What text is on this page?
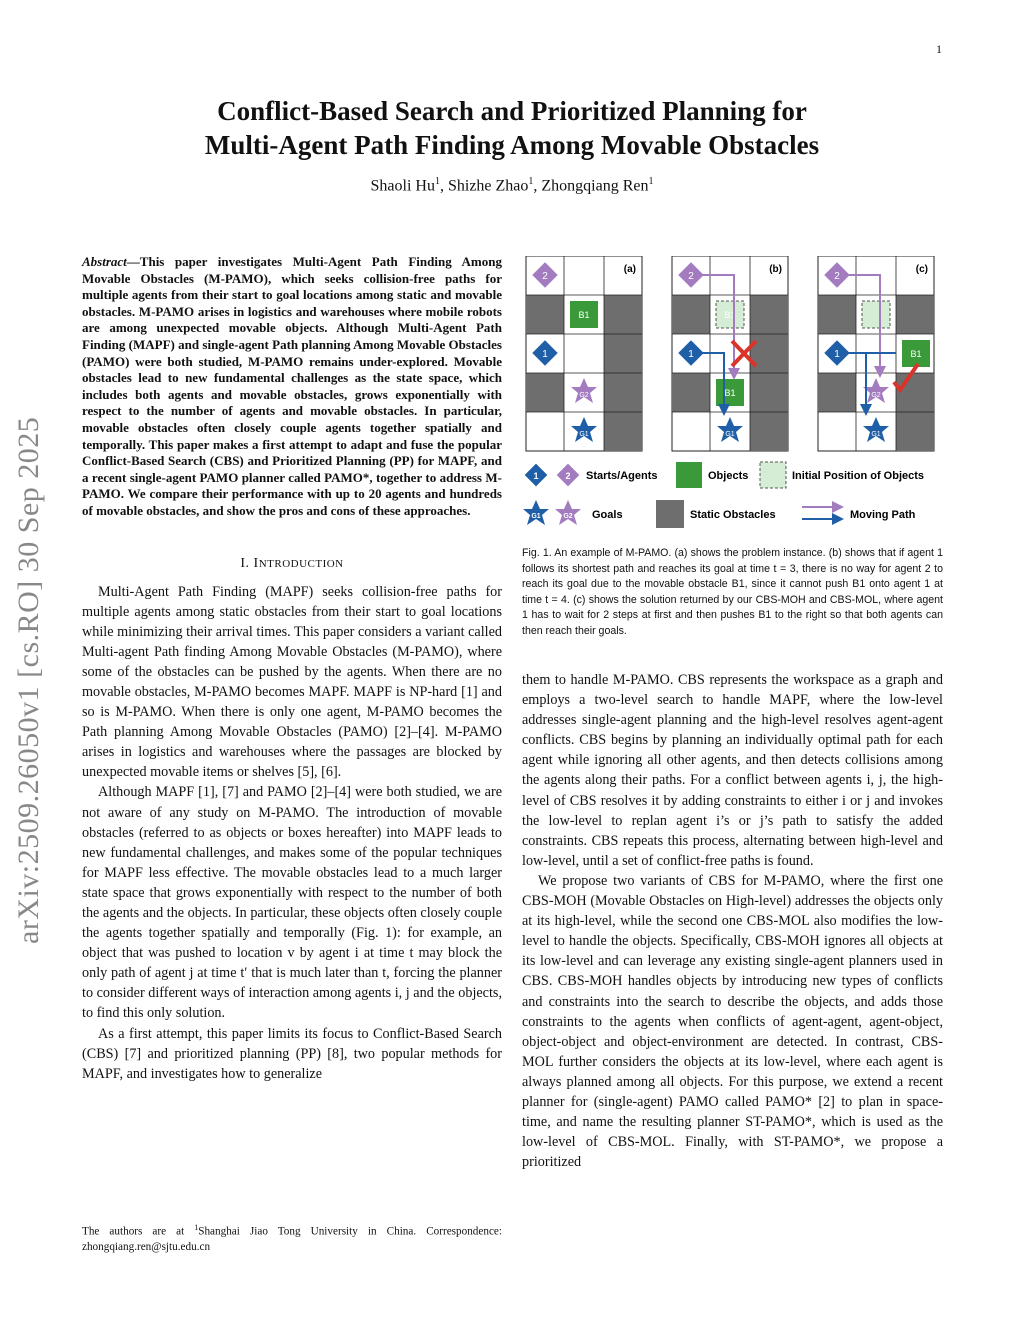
1
arXiv:2509.26050v1 [cs.RO] 30 Sep 2025
Conflict-Based Search and Prioritized Planning for
Multi-Agent Path Finding Among Movable Obstacles
Shaoli Hu$^1$, Shizhe Zhao$^1$, Zhongqiang Ren$^1$

Abstract—This paper investigates Multi-Agent Path Finding Among Movable Obstacles (M-PAMO), which seeks collision-free paths for multiple agents from their start to goal locations among static and movable obstacles. M-PAMO arises in logistics and warehouses where mobile robots are among unexpected movable objects. Although Multi-Agent Path Finding (MAPF) and single-agent Path planning Among Movable Obstacles (PAMO) were both studied, M-PAMO remains under-explored. Movable obstacles lead to new fundamental challenges as the state space, which includes both agents and movable obstacles, grows exponentially with respect to the number of agents and movable obstacles. In particular, movable obstacles often closely couple agents together spatially and temporally. This paper makes a first attempt to adapt and fuse the popular Conflict-Based Search (CBS) and Prioritized Planning (PP) for MAPF, and a recent single-agent PAMO planner called PAMO*, together to address M-PAMO. We compare their performance with up to 20 agents and hundreds of movable obstacles, and show the pros and cons of these approaches.

I. INTRODUCTION

Multi-Agent Path Finding (MAPF) seeks collision-free paths for multiple agents among static obstacles from their start to goal locations while minimizing their arrival times. This paper considers a variant called Multi-agent Path finding Among Movable Obstacles (M-PAMO), where some of the obstacles can be pushed by the agents. When there are no movable obstacles, M-PAMO becomes MAPF. MAPF is NP-hard [1] and so is M-PAMO. When there is only one agent, M-PAMO becomes the Path planning Among Movable Obstacles (PAMO) [2]–[4]. M-PAMO arises in logistics and warehouses where the passages are blocked by unexpected movable items or shelves [5], [6].

Although MAPF [1], [7] and PAMO [2]–[4] were both studied, we are not aware of any study on M-PAMO. The introduction of movable obstacles (referred to as objects or boxes hereafter) into MAPF leads to new fundamental challenges, and makes some of the popular techniques for MAPF less effective. The movable obstacles lead to a much larger state space that grows exponentially with respect to the number of both the agents and the objects. In particular, these objects often closely couple the agents together spatially and temporally (Fig. 1): for example, an object that was pushed to location v by agent i at time t may block the only path of agent j at time t′ that is much later than t, forcing the planner to consider different ways of interaction among agents i, j and the objects, to find this only solution.

As a first attempt, this paper limits its focus to Conflict-Based Search (CBS) [7] and prioritized planning (PP) [8], two popular methods for MAPF, and investigates how to generalize

The authors are at $^1$Shanghai Jiao Tong University in China. Correspondence: zhongqiang.ren@sjtu.edu.cn
B1
2
1
G2
G1
(a)
B1
B1
2
1
G1
(b)
B1
2
1
G2
G1
(c)
1	2 Starts/Agents	Objects	Initial Position of Objects
G1	G2 Goals	Static Obstacles	Moving Path
Fig. 1. An example of M-PAMO. (a) shows the problem instance. (b) shows that if agent 1 follows its shortest path and reaches its goal at time t = 3, there is no way for agent 2 to reach its goal due to the movable obstacle B1, since it cannot push B1 onto agent 1 at time t = 4. (c) shows the solution returned by our CBS-MOH and CBS-MOL, where agent 1 has to wait for 2 steps at first and then pushes B1 to the right so that both agents can then reach their goals.

them to handle M-PAMO. CBS represents the workspace as a graph and employs a two-level search to handle MAPF, where the low-level addresses single-agent planning and the high-level resolves agent-agent conflicts. CBS begins by planning an individually optimal path for each agent while ignoring all other agents, and then detects collisions among the agents along their paths. For a conflict between agents i, j, the high-level of CBS resolves it by adding constraints to either i or j and invokes the low-level to replan agent i’s or j’s path to satisfy the added constraints. CBS repeats this process, alternating between high-level and low-level, until a set of conflict-free paths is found.

We propose two variants of CBS for M-PAMO, where the first one CBS-MOH (Movable Obstacles on High-level) addresses the objects only at its high-level, while the second one CBS-MOL also modifies the low-level to handle the objects. Specifically, CBS-MOH ignores all objects at its low-level and can leverage any existing single-agent planners used in CBS. CBS-MOH handles objects by introducing new types of conflicts and constraints into the search to describe the objects, and adds those constraints to the agents when conflicts of agent-agent, agent-object, object-object and object-environment are detected. In contrast, CBS-MOL further considers the objects at its low-level, where each agent is always planned among all objects. For this purpose, we extend a recent planner for (single-agent) PAMO called PAMO* [2] to plan in space-time, and name the resulting planner ST-PAMO*, which is used as the low-level of CBS-MOL. Finally, with ST-PAMO*, we propose a prioritized
